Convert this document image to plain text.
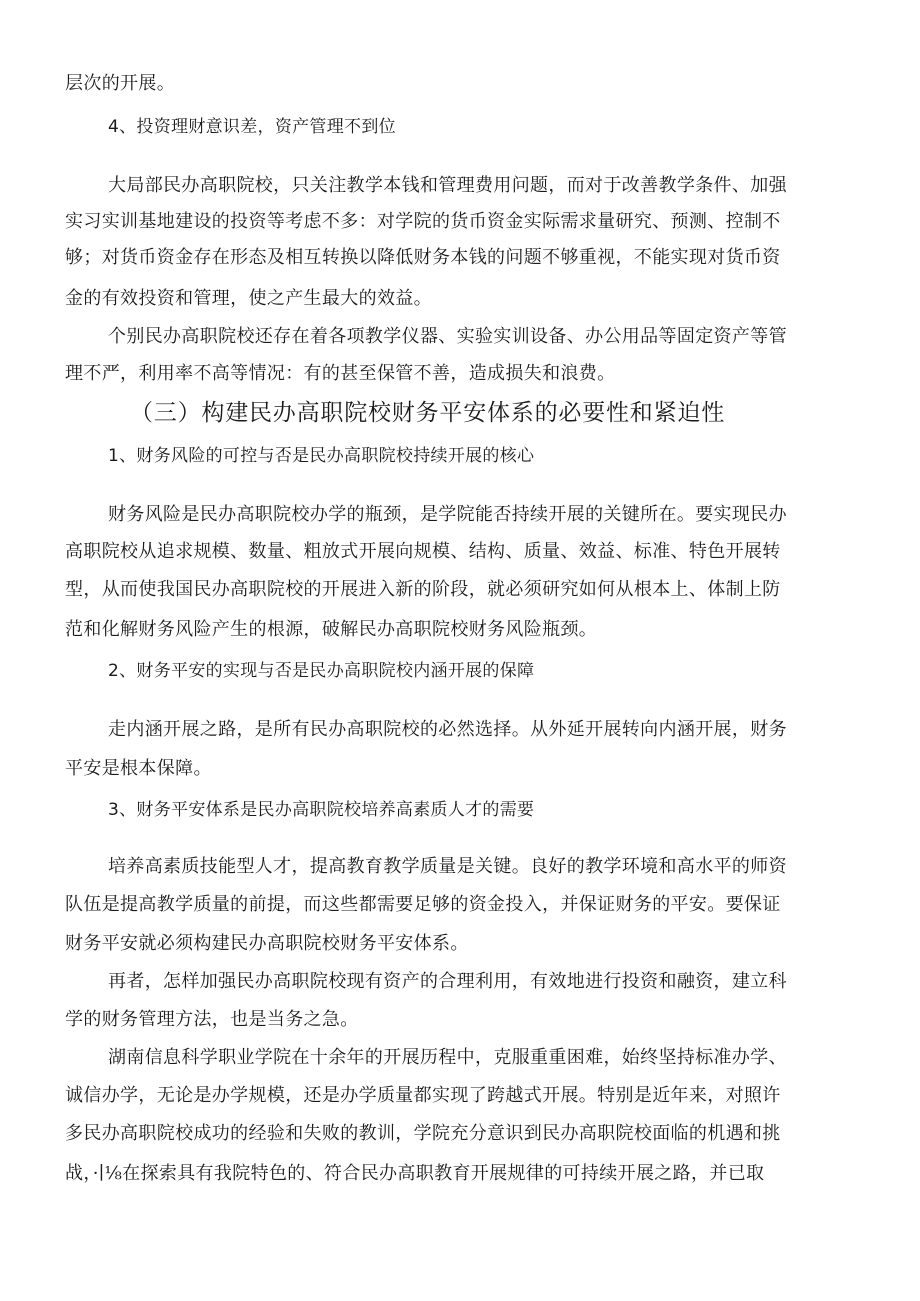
层次的开展。
4、投资理财意识差，资产管理不到位
大局部民办高职院校，只关注教学本钱和管理费用问题，而对于改善教学条件、加强
实习实训基地建设的投资等考虑不多：对学院的货币资金实际需求量研究、预测、控制不
够；对货币资金存在形态及相互转换以降低财务本钱的问题不够重视，不能实现对货币资
金的有效投资和管理，使之产生最大的效益。
个别民办高职院校还存在着各项教学仪器、实验实训设备、办公用品等固定资产等管
理不严，利用率不高等情况：有的甚至保管不善，造成损失和浪费。
（三）构建民办高职院校财务平安体系的必要性和紧迫性
1、财务风险的可控与否是民办高职院校持续开展的核心
财务风险是民办高职院校办学的瓶颈，是学院能否持续开展的关键所在。要实现民办
高职院校从追求规模、数量、粗放式开展向规模、结构、质量、效益、标准、特色开展转
型，从而使我国民办高职院校的开展进入新的阶段，就必须研究如何从根本上、体制上防
范和化解财务风险产生的根源，破解民办高职院校财务风险瓶颈。
2、财务平安的实现与否是民办高职院校内涵开展的保障
走内涵开展之路，是所有民办高职院校的必然选择。从外延开展转向内涵开展，财务
平安是根本保障。
3、财务平安体系是民办高职院校培养高素质人才的需要
培养高素质技能型人才，提高教育教学质量是关键。良好的教学环境和高水平的师资
队伍是提高教学质量的前提，而这些都需要足够的资金投入，并保证财务的平安。要保证
财务平安就必须构建民办高职院校财务平安体系。
再者，怎样加强民办高职院校现有资产的合理利用，有效地进行投资和融资，建立科
学的财务管理方法，也是当务之急。
湖南信息科学职业学院在十余年的开展历程中，克服重重困难，始终坚持标准办学、
诚信办学，无论是办学规模，还是办学质量都实现了跨越式开展。特别是近年来，对照许
多民办高职院校成功的经验和失败的教训，学院充分意识到民办高职院校面临的机遇和挑
战，·∣⅛在探索具有我院特色的、符合民办高职教育开展规律的可持续开展之路，并已取
